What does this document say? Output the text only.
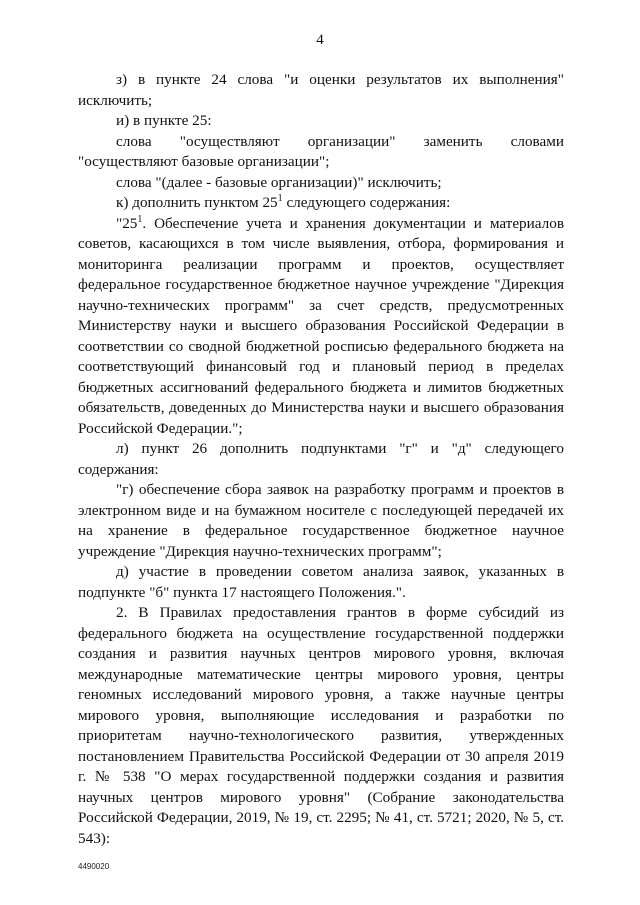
4

з) в пункте 24 слова "и оценки результатов их выполнения" исключить;

и) в пункте 25:

слова "осуществляют организации" заменить словами "осуществляют базовые организации";

слова "(далее - базовые организации)" исключить;

к) дополнить пунктом $25^1$ следующего содержания:

"$25^1$. Обеспечение учета и хранения документации и материалов советов, касающихся в том числе выявления, отбора, формирования и мониторинга реализации программ и проектов, осуществляет федеральное государственное бюджетное научное учреждение "Дирекция научно-технических программ" за счет средств, предусмотренных Министерству науки и высшего образования Российской Федерации в соответствии со сводной бюджетной росписью федерального бюджета на соответствующий финансовый год и плановый период в пределах бюджетных ассигнований федерального бюджета и лимитов бюджетных обязательств, доведенных до Министерства науки и высшего образования Российской Федерации.";

л) пункт 26 дополнить подпунктами "г" и "д" следующего содержания:

"г) обеспечение сбора заявок на разработку программ и проектов в электронном виде и на бумажном носителе с последующей передачей их на хранение в федеральное государственное бюджетное научное учреждение "Дирекция научно-технических программ";

д) участие в проведении советом анализа заявок, указанных в подпункте "б" пункта 17 настоящего Положения.".

2. В Правилах предоставления грантов в форме субсидий из федерального бюджета на осуществление государственной поддержки создания и развития научных центров мирового уровня, включая международные математические центры мирового уровня, центры геномных исследований мирового уровня, а также научные центры мирового уровня, выполняющие исследования и разработки по приоритетам научно-технологического развития, утвержденных постановлением Правительства Российской Федерации от 30 апреля 2019 г. № 538 "О мерах государственной поддержки создания и развития научных центров мирового уровня" (Собрание законодательства Российской Федерации, 2019, № 19, ст. 2295; № 41, ст. 5721; 2020, № 5, ст. 543):

4490020
